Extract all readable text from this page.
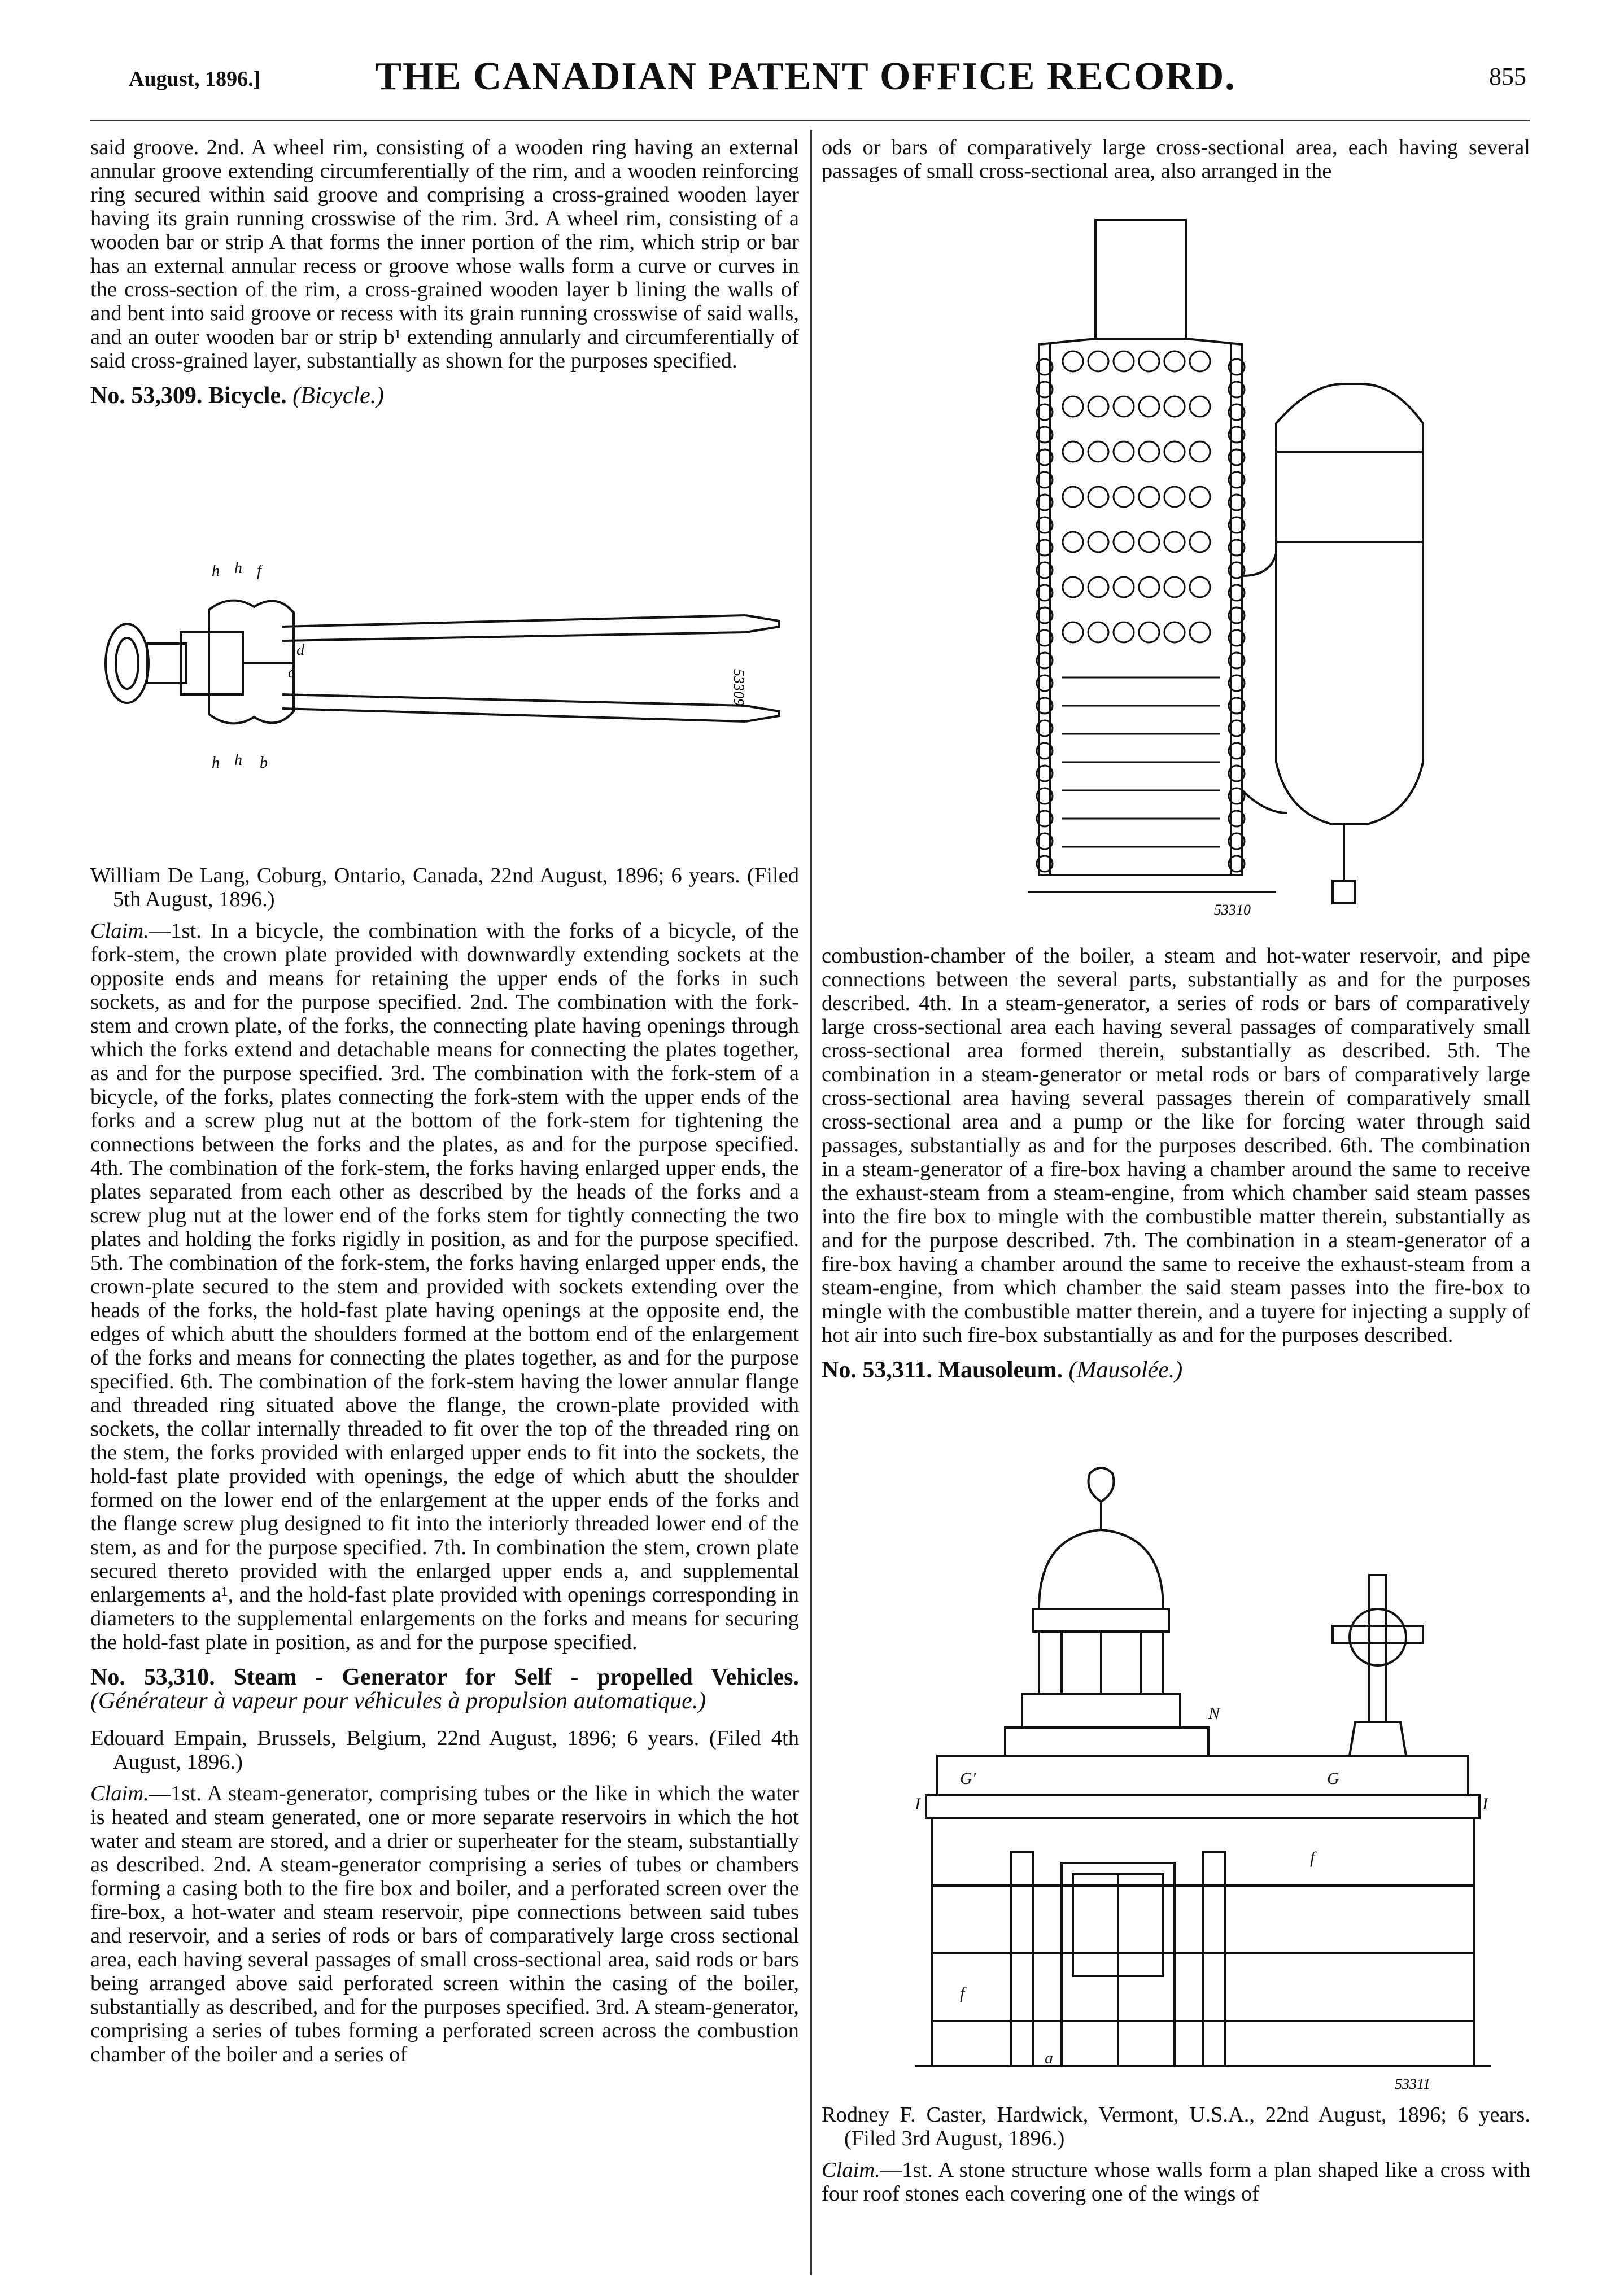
August, 1896.]	THE CANADIAN PATENT OFFICE RECORD.	855

said groove. 2nd. A wheel rim, consisting of a wooden ring having an external annular groove extending circumferentially of the rim, and a wooden reinforcing ring secured within said groove and comprising a cross-grained wooden layer having its grain running crosswise of the rim. 3rd. A wheel rim, consisting of a wooden bar or strip A that forms the inner portion of the rim, which strip or bar has an external annular recess or groove whose walls form a curve or curves in the cross-section of the rim, a cross-grained wooden layer b lining the walls of and bent into said groove or recess with its grain running crosswise of said walls, and an outer wooden bar or strip b¹ extending annularly and circumferentially of said cross-grained layer, substantially as shown for the purposes specified.

No. 53,309. Bicycle. (Bicycle.)

h h f
h h b
d
c	53309

William De Lang, Coburg, Ontario, Canada, 22nd August, 1896; 6 years. (Filed 5th August, 1896.)

Claim.—1st. In a bicycle, the combination with the forks of a bicycle, of the fork-stem, the crown plate provided with downwardly extending sockets at the opposite ends and means for retaining the upper ends of the forks in such sockets, as and for the purpose specified. 2nd. The combination with the fork-stem and crown plate, of the forks, the connecting plate having openings through which the forks extend and detachable means for connecting the plates together, as and for the purpose specified. 3rd. The combination with the fork-stem of a bicycle, of the forks, plates connecting the fork-stem with the upper ends of the forks and a screw plug nut at the bottom of the fork-stem for tightening the connections between the forks and the plates, as and for the purpose specified. 4th. The combination of the fork-stem, the forks having enlarged upper ends, the plates separated from each other as described by the heads of the forks and a screw plug nut at the lower end of the forks stem for tightly connecting the two plates and holding the forks rigidly in position, as and for the purpose specified. 5th. The combination of the fork-stem, the forks having enlarged upper ends, the crown-plate secured to the stem and provided with sockets extending over the heads of the forks, the hold-fast plate having openings at the opposite end, the edges of which abutt the shoulders formed at the bottom end of the enlargement of the forks and means for connecting the plates together, as and for the purpose specified. 6th. The combination of the fork-stem having the lower annular flange and threaded ring situated above the flange, the crown-plate provided with sockets, the collar internally threaded to fit over the top of the threaded ring on the stem, the forks provided with enlarged upper ends to fit into the sockets, the hold-fast plate provided with openings, the edge of which abutt the shoulder formed on the lower end of the enlargement at the upper ends of the forks and the flange screw plug designed to fit into the interiorly threaded lower end of the stem, as and for the purpose specified. 7th. In combination the stem, crown plate secured thereto provided with the enlarged upper ends a, and supplemental enlargements a¹, and the hold-fast plate provided with openings corresponding in diameters to the supplemental enlargements on the forks and means for securing the hold-fast plate in position, as and for the purpose specified.

No. 53,310. Steam - Generator for Self - propelled Vehicles. (Générateur à vapeur pour véhicules à propulsion automatique.)

Edouard Empain, Brussels, Belgium, 22nd August, 1896; 6 years. (Filed 4th August, 1896.)

Claim.—1st. A steam-generator, comprising tubes or the like in which the water is heated and steam generated, one or more separate reservoirs in which the hot water and steam are stored, and a drier or superheater for the steam, substantially as described. 2nd. A steam-generator comprising a series of tubes or chambers forming a casing both to the fire box and boiler, and a perforated screen over the fire-box, a hot-water and steam reservoir, pipe connections between said tubes and reservoir, and a series of rods or bars of comparatively large cross sectional area, each having several passages of small cross-sectional area, said rods or bars being arranged above said perforated screen within the casing of the boiler, substantially as described, and for the purposes specified. 3rd. A steam-generator, comprising a series of tubes forming a perforated screen across the combustion chamber of the boiler and a series of

ods or bars of comparatively large cross-sectional area, each having several passages of small cross-sectional area, also arranged in the

53310

combustion-chamber of the boiler, a steam and hot-water reservoir, and pipe connections between the several parts, substantially as and for the purposes described. 4th. In a steam-generator, a series of rods or bars of comparatively large cross-sectional area each having several passages of comparatively small cross-sectional area formed therein, substantially as described. 5th. The combination in a steam-generator or metal rods or bars of comparatively large cross-sectional area having several passages therein of comparatively small cross-sectional area and a pump or the like for forcing water through said passages, substantially as and for the purposes described. 6th. The combination in a steam-generator of a fire-box having a chamber around the same to receive the exhaust-steam from a steam-engine, from which chamber said steam passes into the fire box to mingle with the combustible matter therein, substantially as and for the purpose described. 7th. The combination in a steam-generator of a fire-box having a chamber around the same to receive the exhaust-steam from a steam-engine, from which chamber the said steam passes into the fire-box to mingle with the combustible matter therein, and a tuyere for injecting a supply of hot air into such fire-box substantially as and for the purposes described.

No. 53,311. Mausoleum. (Mausolée.)

N
G'	G
I	I
f
f
a
53311

Rodney F. Caster, Hardwick, Vermont, U.S.A., 22nd August, 1896; 6 years. (Filed 3rd August, 1896.)

Claim.—1st. A stone structure whose walls form a plan shaped like a cross with four roof stones each covering one of the wings of
